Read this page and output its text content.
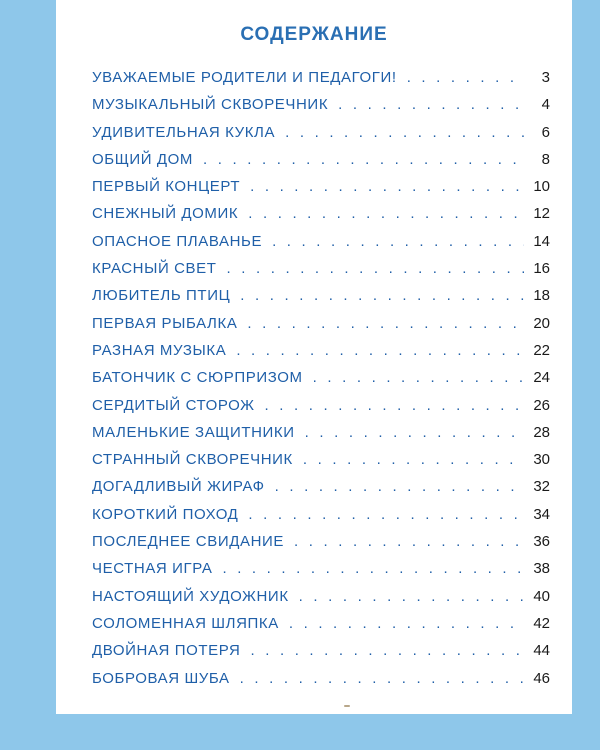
СОДЕРЖАНИЕ
УВАЖАЕМЫЕ РОДИТЕЛИ И ПЕДАГОГИ! . . .	3
МУЗЫКАЛЬНЫЙ СКВОРЕЧНИК . . .	4
УДИВИТЕЛЬНАЯ КУКЛА . . .	6
ОБЩИЙ ДОМ . . .	8
ПЕРВЫЙ КОНЦЕРТ . . .	10
СНЕЖНЫЙ ДОМИК . . .	12
ОПАСНОЕ ПЛАВАНЬЕ . . .	14
КРАСНЫЙ СВЕТ . . .	16
ЛЮБИТЕЛЬ ПТИЦ . . .	18
ПЕРВАЯ РЫБАЛКА . . .	20
РАЗНАЯ МУЗЫКА . . .	22
БАТОНЧИК С СЮРПРИЗОМ . . .	24
СЕРДИТЫЙ СТОРОЖ . . .	26
МАЛЕНЬКИЕ ЗАЩИТНИКИ . . .	28
СТРАННЫЙ СКВОРЕЧНИК . . .	30
ДОГАДЛИВЫЙ ЖИРАФ . . .	32
КОРОТКИЙ ПОХОД . . .	34
ПОСЛЕДНЕЕ СВИДАНИЕ . . .	36
ЧЕСТНАЯ ИГРА . . .	38
НАСТОЯЩИЙ ХУДОЖНИК . . .	40
СОЛОМЕННАЯ ШЛЯПКА . . .	42
ДВОЙНАЯ ПОТЕРЯ . . .	44
БОБРОВАЯ ШУБА . . .	46
